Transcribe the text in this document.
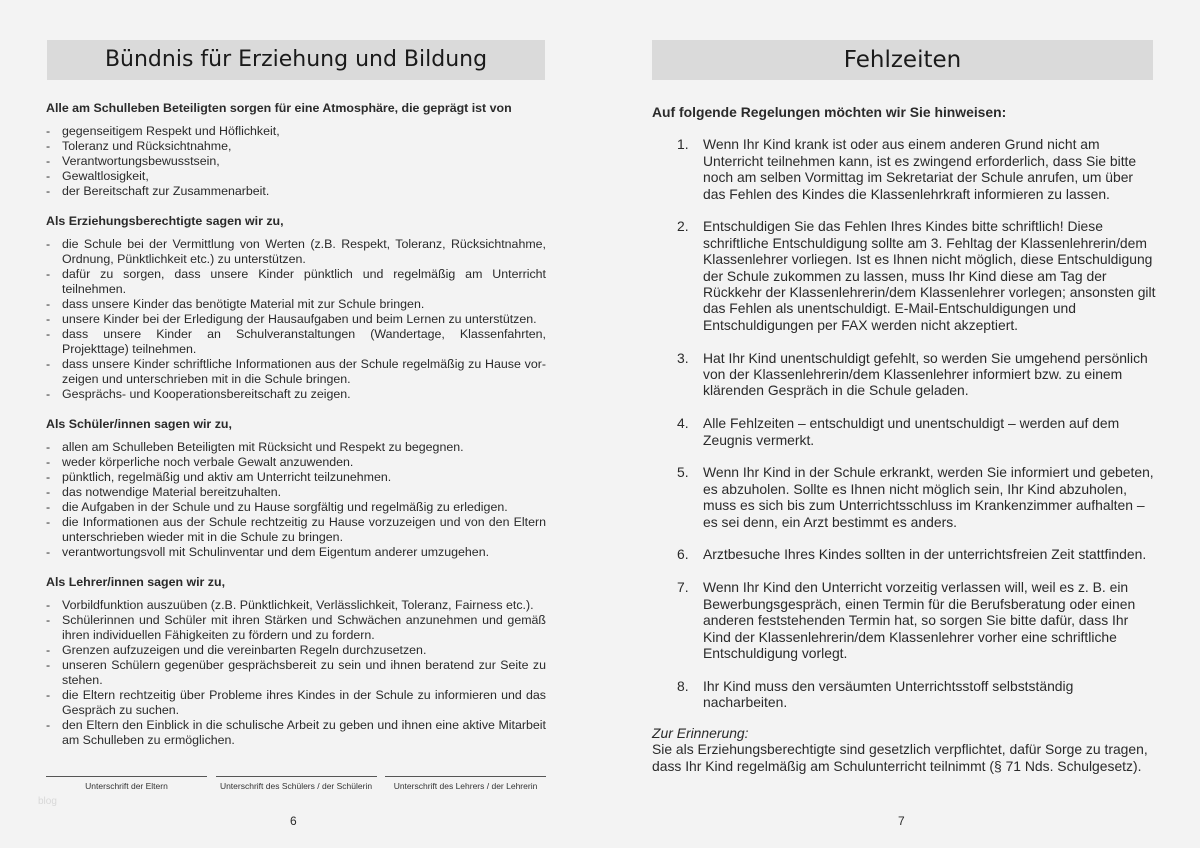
Bündnis für Erziehung und Bildung
Alle am Schulleben Beteiligten sorgen für eine Atmosphäre, die geprägt ist von
- gegenseitigem Respekt und Höflichkeit,
- Toleranz und Rücksichtnahme,
- Verantwortungsbewusstsein,
- Gewaltlosigkeit,
- der Bereitschaft zur Zusammenarbeit.
Als Erziehungsberechtigte sagen wir zu,
- die Schule bei der Vermittlung von Werten (z.B. Respekt, Toleranz, Rücksichtnahme, Ordnung, Pünktlichkeit etc.) zu unterstützen.
- dafür zu sorgen, dass unsere Kinder pünktlich und regelmäßig am Unterricht teilnehmen.
- dass unsere Kinder das benötigte Material mit zur Schule bringen.
- unsere Kinder bei der Erledigung der Hausaufgaben und beim Lernen zu unterstützen.
- dass unsere Kinder an Schulveranstaltungen (Wandertage, Klassenfahrten, Projekttage) teilnehmen.
- dass unsere Kinder schriftliche Informationen aus der Schule regelmäßig zu Hause vor-zeigen und unterschrieben mit in die Schule bringen.
- Gesprächs- und Kooperationsbereitschaft zu zeigen.
Als Schüler/innen sagen wir zu,
- allen am Schulleben Beteiligten mit Rücksicht und Respekt zu begegnen.
- weder körperliche noch verbale Gewalt anzuwenden.
- pünktlich, regelmäßig und aktiv am Unterricht teilzunehmen.
- das notwendige Material bereitzuhalten.
- die Aufgaben in der Schule und zu Hause sorgfältig und regelmäßig zu erledigen.
- die Informationen aus der Schule rechtzeitig zu Hause vorzuzeigen und von den Eltern unterschrieben wieder mit in die Schule zu bringen.
- verantwortungsvoll mit Schulinventar und dem Eigentum anderer umzugehen.
Als Lehrer/innen sagen wir zu,
- Vorbildfunktion auszuüben (z.B. Pünktlichkeit, Verlässlichkeit, Toleranz, Fairness etc.).
- Schülerinnen und Schüler mit ihren Stärken und Schwächen anzunehmen und gemäß ihren individuellen Fähigkeiten zu fördern und zu fordern.
- Grenzen aufzuzeigen und die vereinbarten Regeln durchzusetzen.
- unseren Schülern gegenüber gesprächsbereit zu sein und ihnen beratend zur Seite zu stehen.
- die Eltern rechtzeitig über Probleme ihres Kindes in der Schule zu informieren und das Gespräch zu suchen.
- den Eltern den Einblick in die schulische Arbeit zu geben und ihnen eine aktive Mitarbeit am Schulleben zu ermöglichen.
Unterschrift der Eltern	Unterschrift des Schülers / der Schülerin	Unterschrift des Lehrers / der Lehrerin
blog
6
Fehlzeiten
Auf folgende Regelungen möchten wir Sie hinweisen:
1. Wenn Ihr Kind krank ist oder aus einem anderen Grund nicht am Unterricht teilnehmen kann, ist es zwingend erforderlich, dass Sie bitte noch am selben Vormittag im Sekretariat der Schule anrufen, um über das Fehlen des Kindes die Klassenlehrkraft informieren zu lassen.
2. Entschuldigen Sie das Fehlen Ihres Kindes bitte schriftlich! Diese schriftliche Entschuldigung sollte am 3. Fehltag der Klassenlehrerin/dem Klassenlehrer vorliegen. Ist es Ihnen nicht möglich, diese Entschuldigung der Schule zukommen zu lassen, muss Ihr Kind diese am Tag der Rückkehr der Klassenlehrerin/dem Klassenlehrer vorlegen; ansonsten gilt das Fehlen als unentschuldigt. E-Mail-Entschuldigungen und Entschuldigungen per FAX werden nicht akzeptiert.
3. Hat Ihr Kind unentschuldigt gefehlt, so werden Sie umgehend persönlich von der Klassenlehrerin/dem Klassenlehrer informiert bzw. zu einem klärenden Gespräch in die Schule geladen.
4. Alle Fehlzeiten – entschuldigt und unentschuldigt – werden auf dem Zeugnis vermerkt.
5. Wenn Ihr Kind in der Schule erkrankt, werden Sie informiert und gebeten, es abzuholen. Sollte es Ihnen nicht möglich sein, Ihr Kind abzuholen, muss es sich bis zum Unterrichtsschluss im Krankenzimmer aufhalten – es sei denn, ein Arzt bestimmt es anders.
6. Arztbesuche Ihres Kindes sollten in der unterrichtsfreien Zeit stattfinden.
7. Wenn Ihr Kind den Unterricht vorzeitig verlassen will, weil es z. B. ein Bewerbungsgespräch, einen Termin für die Berufsberatung oder einen anderen feststehenden Termin hat, so sorgen Sie bitte dafür, dass Ihr Kind der Klassenlehrerin/dem Klassenlehrer vorher eine schriftliche Entschuldigung vorlegt.
8. Ihr Kind muss den versäumten Unterrichtsstoff selbstständig nacharbeiten.
Zur Erinnerung:
Sie als Erziehungsberechtigte sind gesetzlich verpflichtet, dafür Sorge zu tragen, dass Ihr Kind regelmäßig am Schulunterricht teilnimmt (§ 71 Nds. Schulgesetz).
7
